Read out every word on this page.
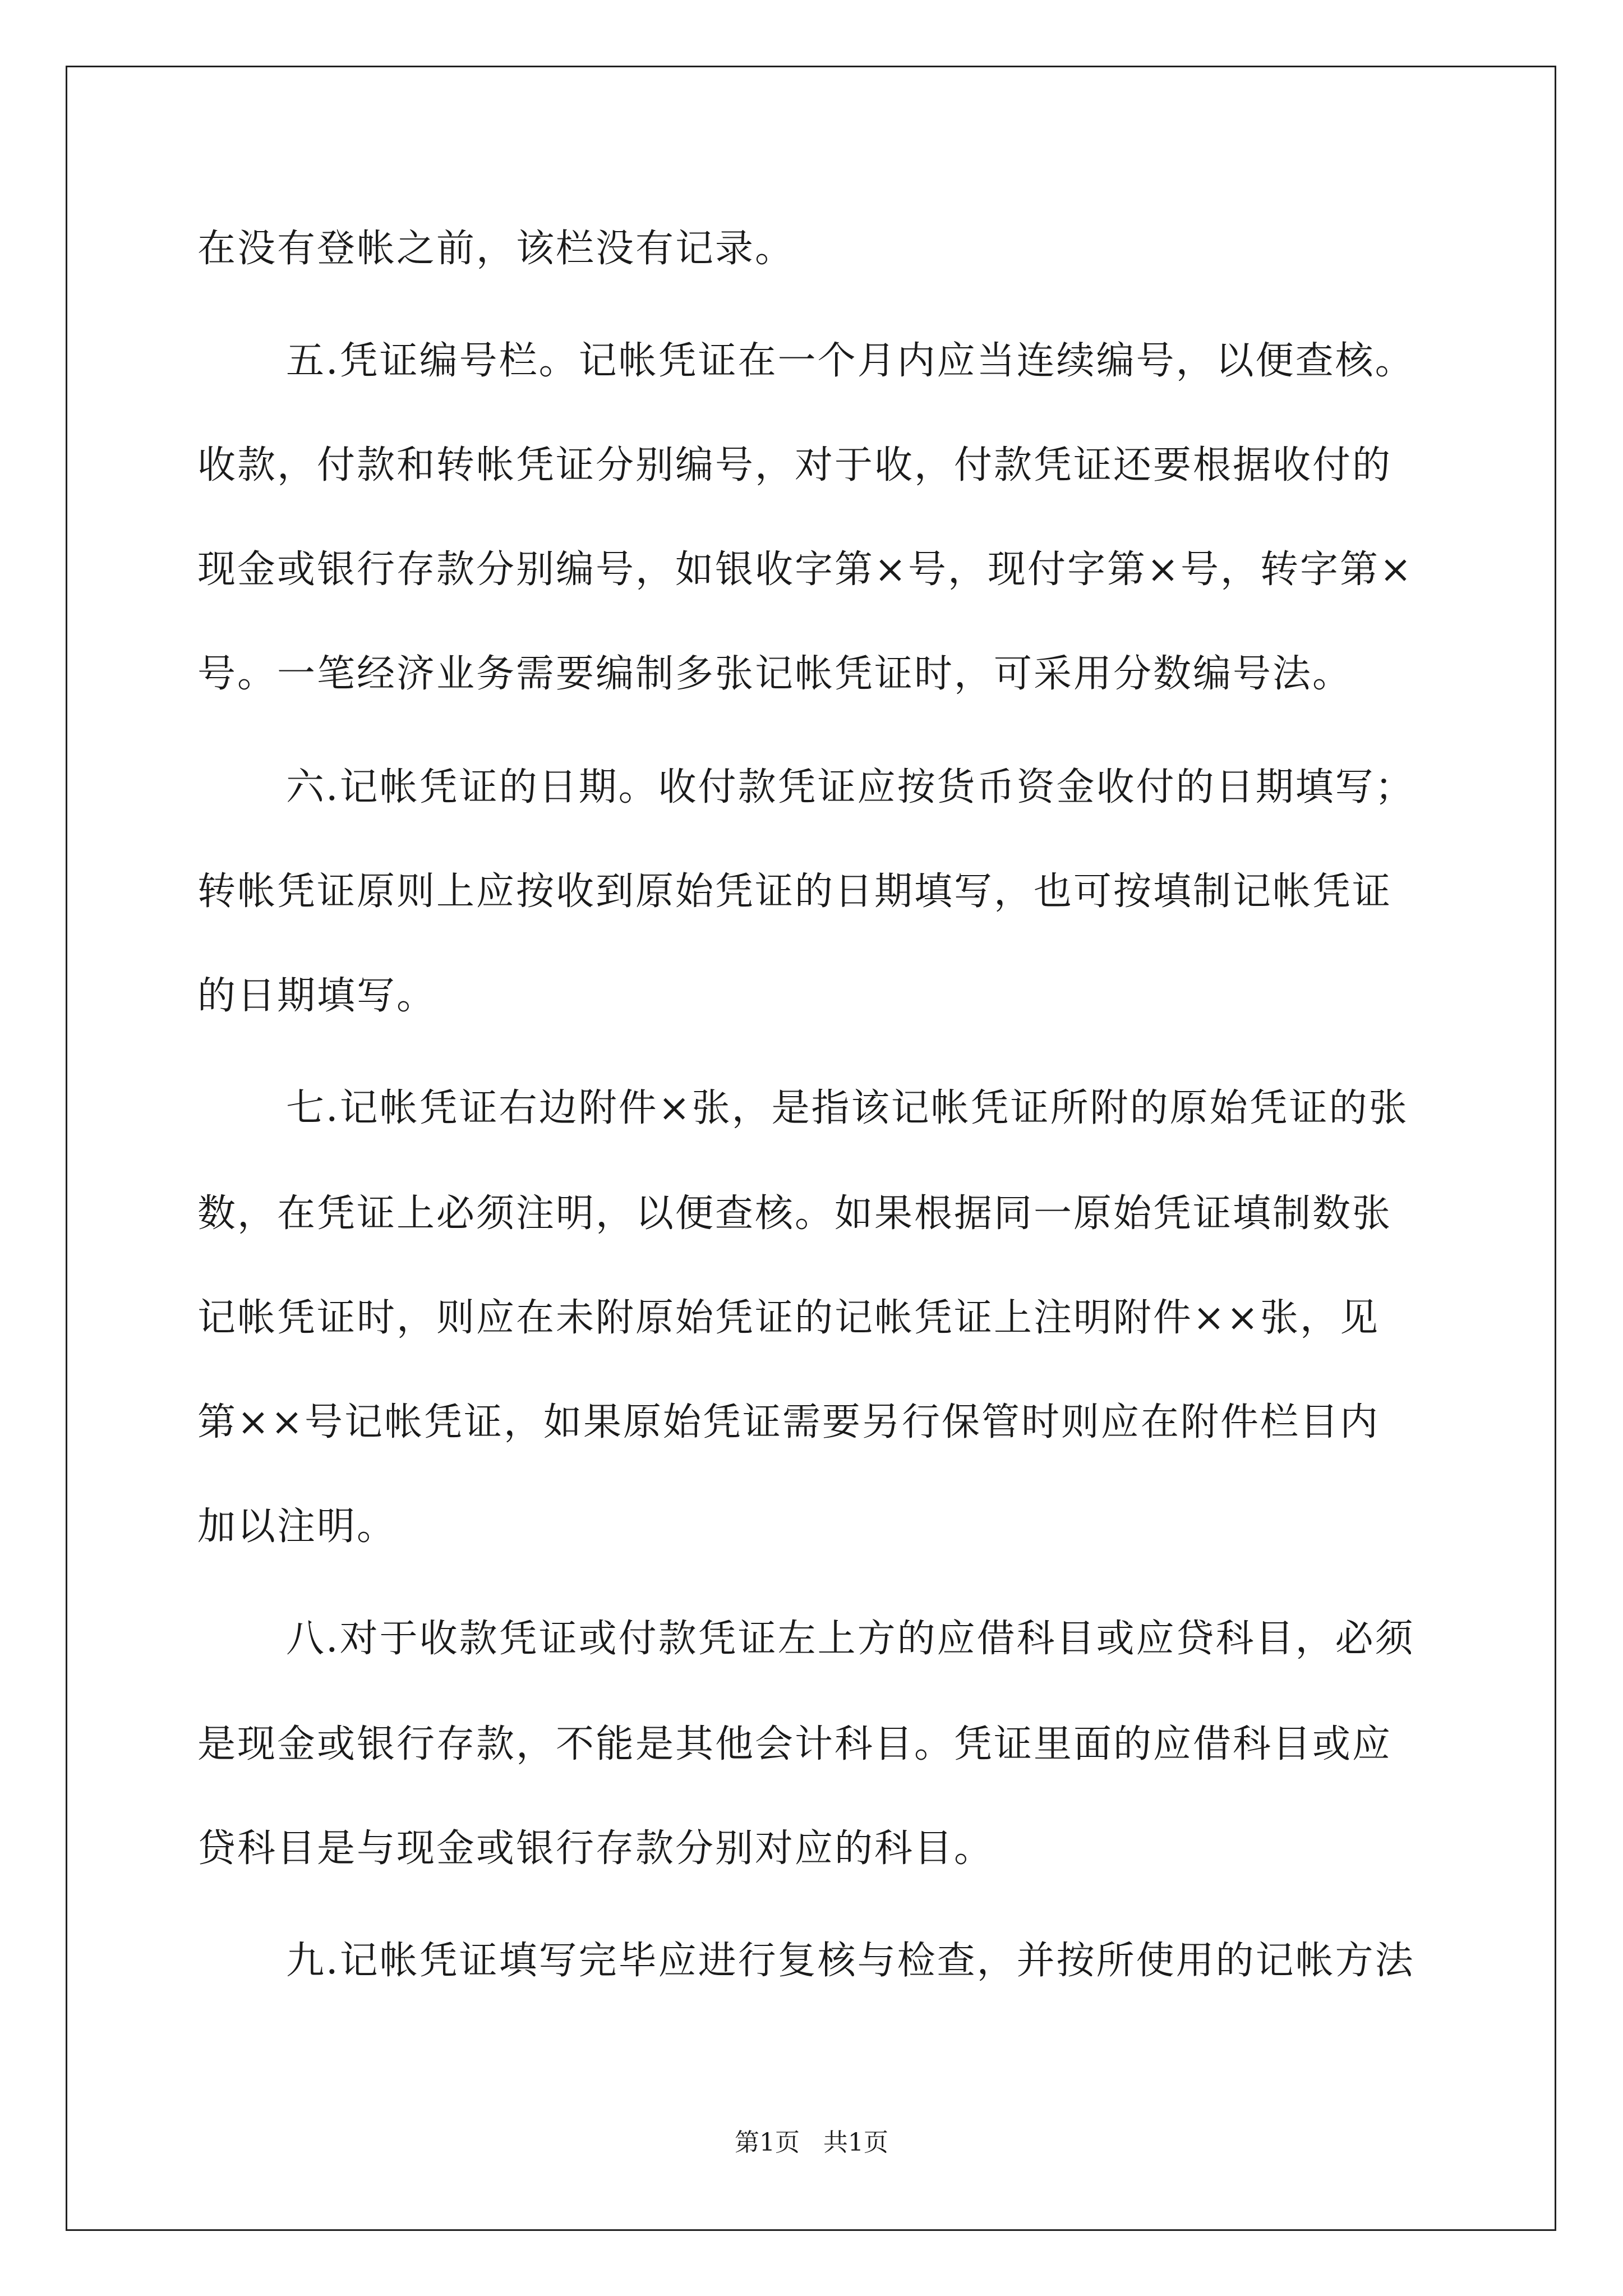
在没有登帐之前，该栏没有记录。
五.凭证编号栏。记帐凭证在一个月内应当连续编号，以便查核。
收款，付款和转帐凭证分别编号，对于收，付款凭证还要根据收付的
现金或银行存款分别编号，如银收字第×号，现付字第×号，转字第×
号。一笔经济业务需要编制多张记帐凭证时，可采用分数编号法。
六.记帐凭证的日期。收付款凭证应按货币资金收付的日期填写；
转帐凭证原则上应按收到原始凭证的日期填写，也可按填制记帐凭证
的日期填写。
七.记帐凭证右边附件×张，是指该记帐凭证所附的原始凭证的张
数，在凭证上必须注明，以便查核。如果根据同一原始凭证填制数张
记帐凭证时，则应在未附原始凭证的记帐凭证上注明附件××张，见
第××号记帐凭证，如果原始凭证需要另行保管时则应在附件栏目内
加以注明。
八.对于收款凭证或付款凭证左上方的应借科目或应贷科目，必须
是现金或银行存款，不能是其他会计科目。凭证里面的应借科目或应
贷科目是与现金或银行存款分别对应的科目。
九.记帐凭证填写完毕应进行复核与检查，并按所使用的记帐方法
第1页 共1页
